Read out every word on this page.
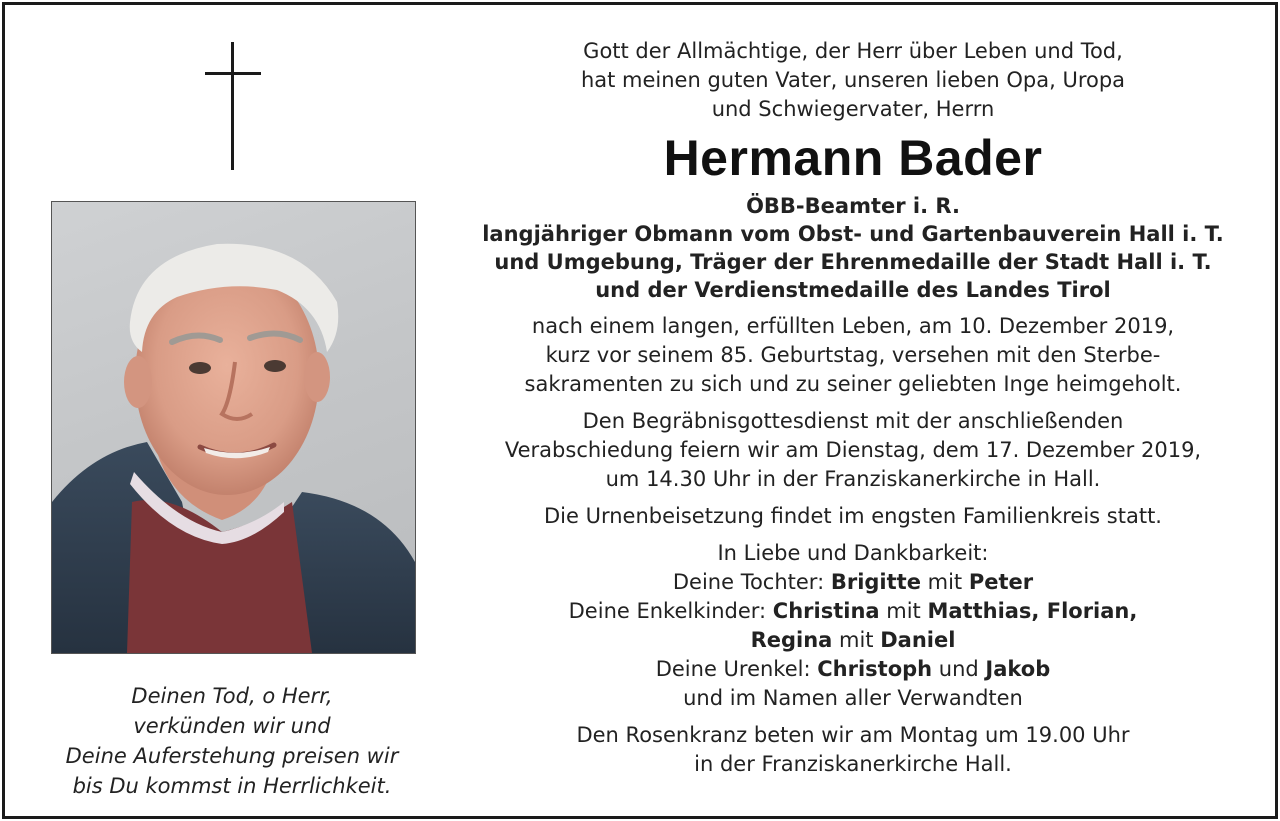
Deinen Tod, o Herr,
verkünden wir und
Deine Auferstehung preisen wir
bis Du kommst in Herrlichkeit.
Gott der Allmächtige, der Herr über Leben und Tod,
hat meinen guten Vater, unseren lieben Opa, Uropa
und Schwiegervater, Herrn
Hermann Bader
ÖBB-Beamter i. R.
langjähriger Obmann vom Obst- und Gartenbauverein Hall i. T.
und Umgebung, Träger der Ehrenmedaille der Stadt Hall i. T.
und der Verdienstmedaille des Landes Tirol
nach einem langen, erfüllten Leben, am 10. Dezember 2019,
kurz vor seinem 85. Geburtstag, versehen mit den Sterbe-
sakramenten zu sich und zu seiner geliebten Inge heimgeholt.
Den Begräbnisgottesdienst mit der anschließenden
Verabschiedung feiern wir am Dienstag, dem 17. Dezember 2019,
um 14.30 Uhr in der Franziskanerkirche in Hall.
Die Urnenbeisetzung findet im engsten Familienkreis statt.
In Liebe und Dankbarkeit:
Deine Tochter: Brigitte mit Peter
Deine Enkelkinder: Christina mit Matthias, Florian,
Regina mit Daniel
Deine Urenkel: Christoph und Jakob
und im Namen aller Verwandten
Den Rosenkranz beten wir am Montag um 19.00 Uhr
in der Franziskanerkirche Hall.
